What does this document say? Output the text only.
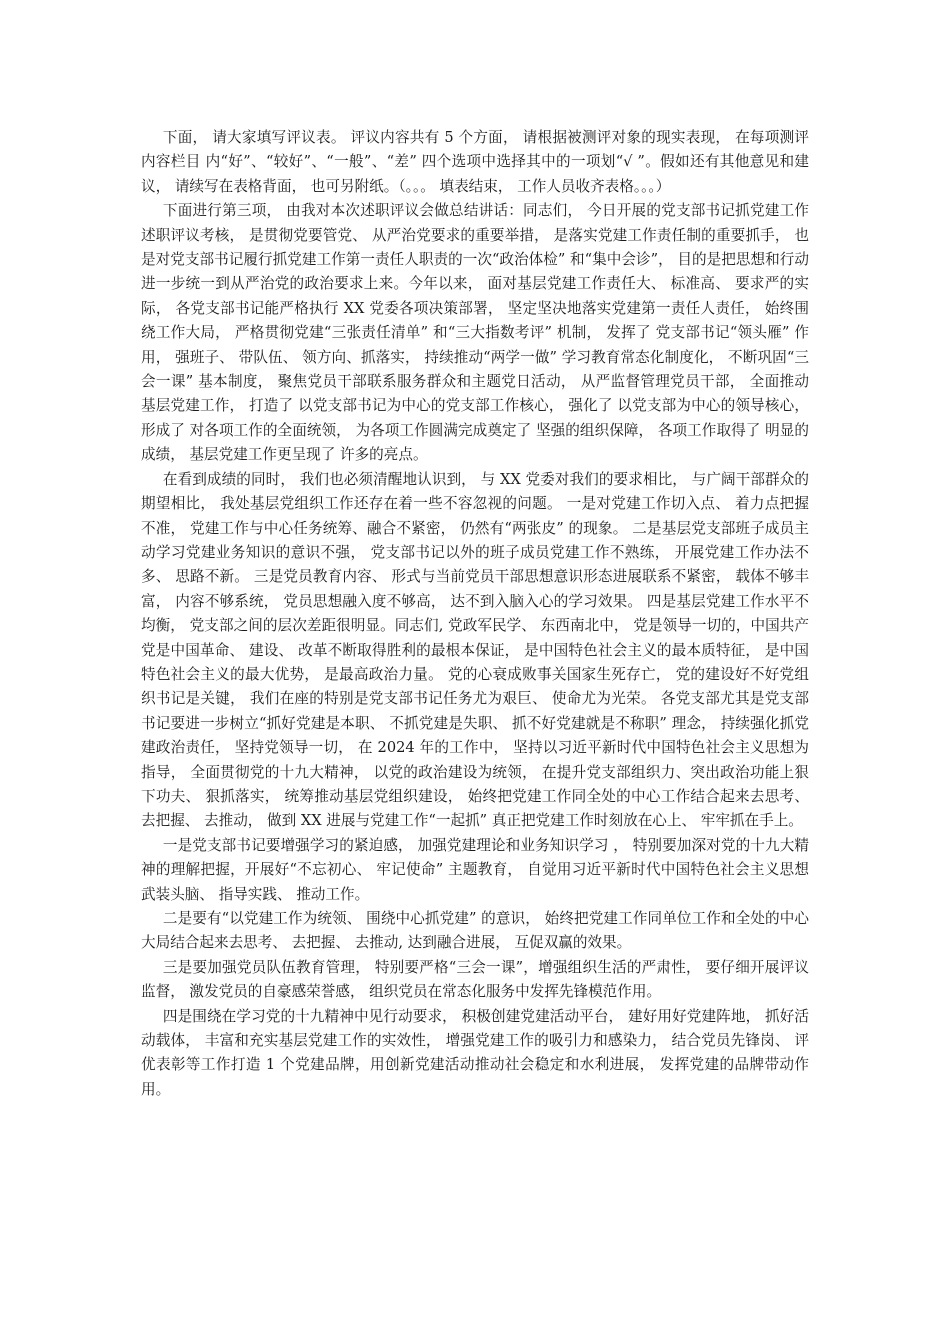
下面， 请大家填写评议表。 评议内容共有 5 个方面， 请根据被测评对象的现实表现， 在每项测评内容栏目 内“好”、“较好”、“一般”、“差” 四个选项中选择其中的一项划“√ ”。假如还有其他意见和建议， 请续写在表格背面， 也可另附纸。（。。。 填表结束， 工作人员收齐表格。。。）

下面进行第三项， 由我对本次述职评议会做总结讲话：同志们， 今日开展的党支部书记抓党建工作述职评议考核， 是贯彻党要管党、 从严治党要求的重要举措， 是落实党建工作责任制的重要抓手， 也是对党支部书记履行抓党建工作第一责任人职责的一次“政治体检” 和“集中会诊”， 目的是把思想和行动进一步统一到从严治党的政治要求上来。今年以来， 面对基层党建工作责任大、 标准高、 要求严的实际， 各党支部书记能严格执行 XX 党委各项决策部署， 坚定坚决地落实党建第一责任人责任， 始终围绕工作大局， 严格贯彻党建“三张责任清单” 和“三大指数考评” 机制， 发挥了 党支部书记“领头雁” 作用， 强班子、 带队伍、 领方向、抓落实， 持续推动“两学一做” 学习教育常态化制度化， 不断巩固“三会一课” 基本制度， 聚焦党员干部联系服务群众和主题党日活动， 从严监督管理党员干部， 全面推动基层党建工作， 打造了 以党支部书记为中心的党支部工作核心， 强化了 以党支部为中心的领导核心， 形成了 对各项工作的全面统领， 为各项工作圆满完成奠定了 坚强的组织保障， 各项工作取得了 明显的成绩， 基层党建工作更呈现了 许多的亮点。

在看到成绩的同时， 我们也必须清醒地认识到， 与 XX 党委对我们的要求相比， 与广阔干部群众的期望相比， 我处基层党组织工作还存在着一些不容忽视的问题。 一是对党建工作切入点、 着力点把握不准， 党建工作与中心任务统筹、融合不紧密， 仍然有“两张皮” 的现象。 二是基层党支部班子成员主动学习党建业务知识的意识不强， 党支部书记以外的班子成员党建工作不熟练， 开展党建工作办法不多、 思路不新。 三是党员教育内容、 形式与当前党员干部思想意识形态进展联系不紧密， 载体不够丰富， 内容不够系统， 党员思想融入度不够高， 达不到入脑入心的学习效果。 四是基层党建工作水平不均衡， 党支部之间的层次差距很明显。同志们, 党政军民学、 东西南北中， 党是领导一切的，中国共产党是中国革命、 建设、 改革不断取得胜利的最根本保证， 是中国特色社会主义的最本质特征， 是中国特色社会主义的最大优势， 是最高政治力量。 党的心衰成败事关国家生死存亡， 党的建设好不好党组织书记是关键， 我们在座的特别是党支部书记任务尤为艰巨、 使命尤为光荣。 各党支部尤其是党支部书记要进一步树立“抓好党建是本职、 不抓党建是失职、 抓不好党建就是不称职” 理念， 持续强化抓党建政治责任， 坚持党领导一切， 在 2024 年的工作中， 坚持以习近平新时代中国特色社会主义思想为指导， 全面贯彻党的十九大精神， 以党的政治建设为统领， 在提升党支部组织力、突出政治功能上狠下功夫、 狠抓落实， 统筹推动基层党组织建设， 始终把党建工作同全处的中心工作结合起来去思考、去把握、 去推动， 做到 XX 进展与党建工作“一起抓” 真正把党建工作时刻放在心上、 牢牢抓在手上。

一是党支部书记要增强学习的紧迫感， 加强党建理论和业务知识学习 ， 特别要加深对党的十九大精神的理解把握，开展好“不忘初心、 牢记使命” 主题教育， 自觉用习近平新时代中国特色社会主义思想武装头脑、 指导实践、 推动工作。

二是要有“以党建工作为统领、 围绕中心抓党建” 的意识， 始终把党建工作同单位工作和全处的中心大局结合起来去思考、 去把握、 去推动, 达到融合进展， 互促双赢的效果。

三是要加强党员队伍教育管理， 特别要严格“三会一课”，增强组织生活的严肃性， 要仔细开展评议监督， 激发党员的自豪感荣誉感， 组织党员在常态化服务中发挥先锋模范作用。

四是围绕在学习党的十九精神中见行动要求， 积极创建党建活动平台， 建好用好党建阵地， 抓好活动载体， 丰富和充实基层党建工作的实效性， 增强党建工作的吸引力和感染力， 结合党员先锋岗、 评优表彰等工作打造 1 个党建品牌，用创新党建活动推动社会稳定和水利进展， 发挥党建的品牌带动作用。
